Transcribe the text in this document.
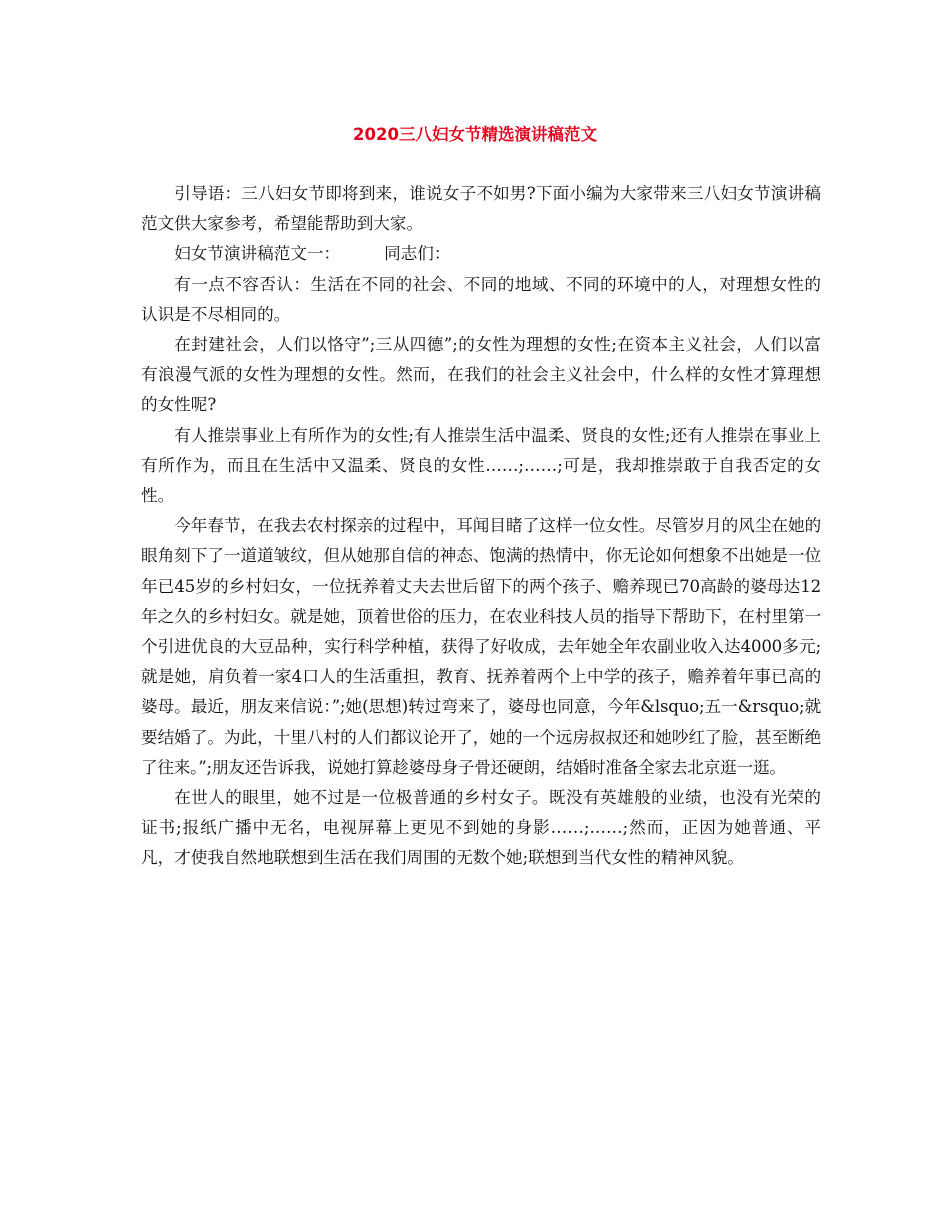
2020三八妇女节精选演讲稿范文

引导语：三八妇女节即将到来，谁说女子不如男?下面小编为大家带来三八妇女节演讲稿范文供大家参考，希望能帮助到大家。

妇女节演讲稿范文一：	同志们：

有一点不容否认：生活在不同的社会、不同的地域、不同的环境中的人，对理想女性的认识是不尽相同的。

在封建社会，人们以恪守”;三从四德”;的女性为理想的女性;在资本主义社会，人们以富有浪漫气派的女性为理想的女性。然而，在我们的社会主义社会中，什么样的女性才算理想的女性呢?

有人推崇事业上有所作为的女性;有人推崇生活中温柔、贤良的女性;还有人推崇在事业上有所作为，而且在生活中又温柔、贤良的女性……;……;可是，我却推崇敢于自我否定的女性。

今年春节，在我去农村探亲的过程中，耳闻目睹了这样一位女性。尽管岁月的风尘在她的眼角刻下了一道道皱纹，但从她那自信的神态、饱满的热情中，你无论如何想象不出她是一位年已45岁的乡村妇女，一位抚养着丈夫去世后留下的两个孩子、赡养现已70高龄的婆母达12年之久的乡村妇女。就是她，顶着世俗的压力，在农业科技人员的指导下帮助下，在村里第一个引进优良的大豆品种，实行科学种植，获得了好收成，去年她全年农副业收入达4000多元;就是她，肩负着一家4口人的生活重担，教育、抚养着两个上中学的孩子，赡养着年事已高的婆母。最近，朋友来信说：”;她(思想)转过弯来了，婆母也同意，今年&lsquo;五一&rsquo;就要结婚了。为此，十里八村的人们都议论开了，她的一个远房叔叔还和她吵红了脸，甚至断绝了往来。”;朋友还告诉我，说她打算趁婆母身子骨还硬朗，结婚时准备全家去北京逛一逛。

在世人的眼里，她不过是一位极普通的乡村女子。既没有英雄般的业绩，也没有光荣的证书;报纸广播中无名，电视屏幕上更见不到她的身影……;……;然而，正因为她普通、平凡，才使我自然地联想到生活在我们周围的无数个她;联想到当代女性的精神风貌。
